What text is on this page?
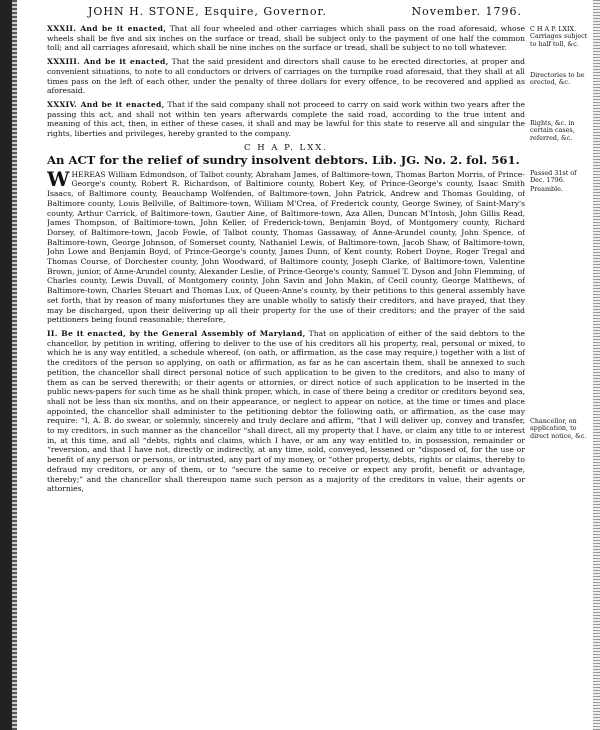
JOHN H. STONE, Esquire, Governor.	November. 1796.

XXXII. And be it enacted, That all four wheeled and other carriages which shall pass on the road aforesaid, whose wheels shall be five and six inches on the surface or tread, shall be subject only to the payment of one half the common toll; and all carriages aforesaid, which shall be nine inches on the surface or tread, shall be subject to no toll whatever.

XXXIII. And be it enacted, That the said president and directors shall cause to be erected directories, at proper and convenient situations, to note to all conductors or drivers of carriages on the turnpike road aforesaid, that they shall at all times pass on the left of each other, under the penalty of three dollars for every offence, to be recovered and applied as aforesaid.

XXXIV. And be it enacted, That if the said company shall not proceed to carry on said work within two years after the passing this act, and shall not within ten years afterwards complete the said road, according to the true intent and meaning of this act, then, in either of these cases, it shall and may be lawful for this state to reserve all and singular the rights, liberties and privileges, hereby granted to the company.

C H A P. LXX.
An ACT for the relief of sundry insolvent debtors. Lib. JG. No. 2. fol. 561.

WHEREAS William Edmondson, of Talbot county, Abraham James, of Baltimore-town, Thomas Barton Morris, of Prince-George's county, Robert R. Richardson, of Baltimore county, Robert Key, of Prince-George's county, Isaac Smith Isaacs, of Baltimore county, Beauchamp Wolfenden, of Baltimore-town, John Patrick, Andrew and Thomas Goulding, of Baltimore county, Louis Bellville, of Baltimore-town, William M'Crea, of Frederick county, George Swiney, of Saint-Mary's county, Arthur Carrick, of Baltimore-town, Gautier Aine, of Baltimore-town, Aza Allen, Duncan M'Intosh, John Gillis Read, James Thompson, of Baltimore-town, John Keller, of Frederick-town, Benjamin Boyd, of Montgomery county, Richard Dorsey, of Baltimore-town, Jacob Fowle, of Talbot county, Thomas Gassaway, of Anne-Arundel county, John Spence, of Baltimore-town, George Johnson, of Somerset county, Nathaniel Lewis, of Baltimore-town, Jacob Shaw, of Baltimore-town, John Lowe and Benjamin Boyd, of Prince-George's county, James Dunn, of Kent county, Robert Doyne, Roger Tregal and Thomas Course, of Dorchester county, John Woodward, of Baltimore county, Joseph Clarke, of Baltimore-town, Valentine Brown, junior, of Anne-Arundel county, Alexander Leslie, of Prince-George's county, Samuel T. Dyson and John Flemming, of Charles county, Lewis Duvall, of Montgomery county, John Savin and John Makin, of Cecil county, George Matthews, of Baltimore-town, Charles Steuart and Thomas Lux, of Queen-Anne's county, by their petitions to this general assembly have set forth, that by reason of many misfortunes they are unable wholly to satisfy their creditors, and have prayed, that they may be discharged, upon their delivering up all their property for the use of their creditors; and the prayer of the said petitioners being found reasonable; therefore,

II. Be it enacted, by the General Assembly of Maryland, That on application of either of the said debtors to the chancellor, by petition in writing, offering to deliver to the use of his creditors all his property, real, personal or mixed, to which he is any way entitled, a schedule whereof, (on oath, or affirmation, as the case may require,) together with a list of the creditors of the person so applying, on oath or affirmation, as far as he can ascertain them, shall be annexed to such petition, the chancellor shall direct personal notice of such application to be given to the creditors, and also to many of them as can be served therewith; or their agents or attornies, or direct notice of such application to be inserted in the public news-papers for such time as he shall think proper, which, in case of there being a creditor or creditors beyond sea, shall not be less than six months, and on their appearance, or neglect to appear on notice, at the time or times and place appointed, the chancellor shall administer to the petitioning debtor the following oath, or affirmation, as the case may require: “I, A. B. do swear, or solemnly, sincerely and truly declare and affirm, “that I will deliver up, convey and transfer, to my creditors, in such manner as the chancellor “shall direct, all my property that I have, or claim any title to or interest in, at this time, and all “debts, rights and claims, which I have, or am any way entitled to, in possession, remainder or “reversion, and that I have not, directly or indirectly, at any time, sold, conveyed, lessened or “disposed of, for the use or benefit of any person or persons, or intrusted, any part of my money, or “other property, debts, rights or claims, thereby to defraud my creditors, or any of them, or to “secure the same to receive or expect any profit, benefit or advantage, thereby;” and the chancellor shall thereupon name such person as a majority of the creditors in value, their agents or attornies,

C H A P. LXIX. Carriages subject to half toll, &c.
Directories to be erected, &c.
Rights, &c. in certain cases, referred, &c.
Passed 31st of Dec. 1796.
Preamble.
Chancellor, on application, to direct notice, &c.
